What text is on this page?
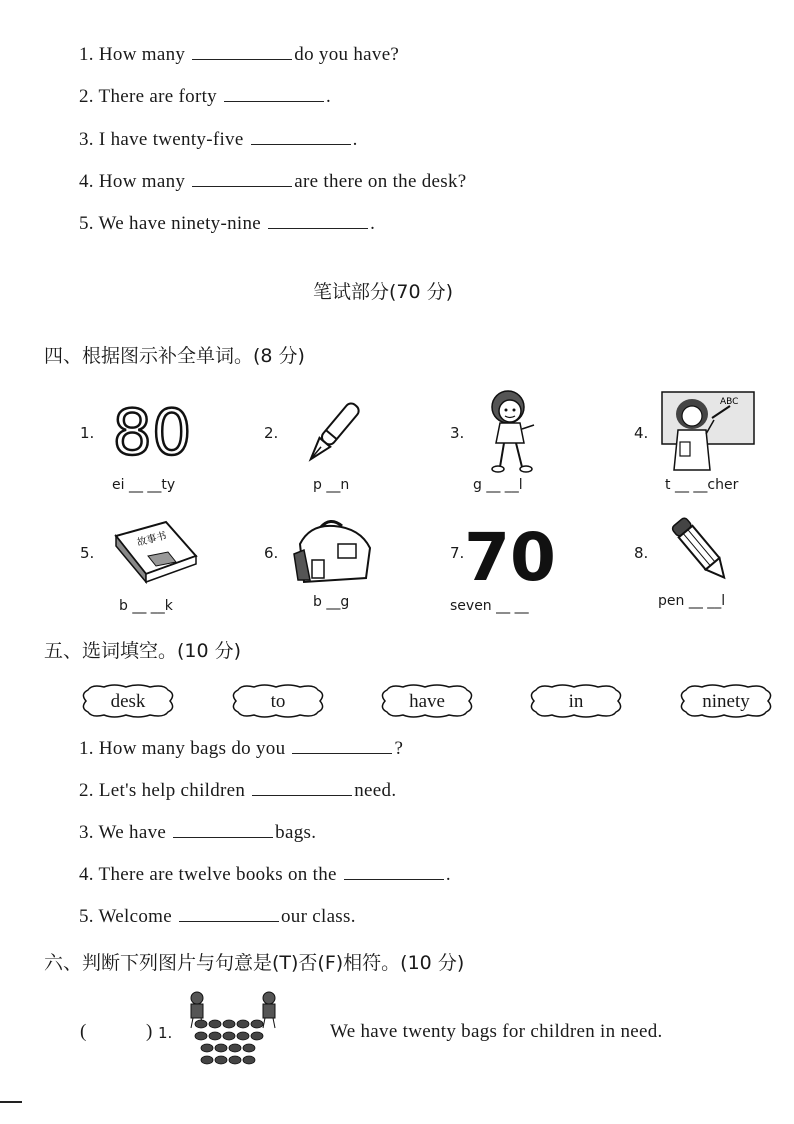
1. How many	do you have?
2. There are forty	.
3. I have twenty-five	.
4. How many	are there on the desk?
5. We have ninety-nine	.
笔试部分(70 分)
四、根据图示补全单词。(8 分)
1. 80
ei __ __ty
2.
p __n
3.
g __ __l
4.
ABC
t __ __cher
5.
故事书
b __ __k
6.
b __g
7. 70
seven __ __
8.
pen __ __l
五、选词填空。(10 分)
desk	to	have	in	ninety
1. How many bags do you	?
2. Let's help children	need.
3. We have	bags.
4. There are twelve books on the	.
5. Welcome	our class.
六、判断下列图片与句意是(T)否(F)相符。(10 分)
(	) 1.	We have twenty bags for children in need.
